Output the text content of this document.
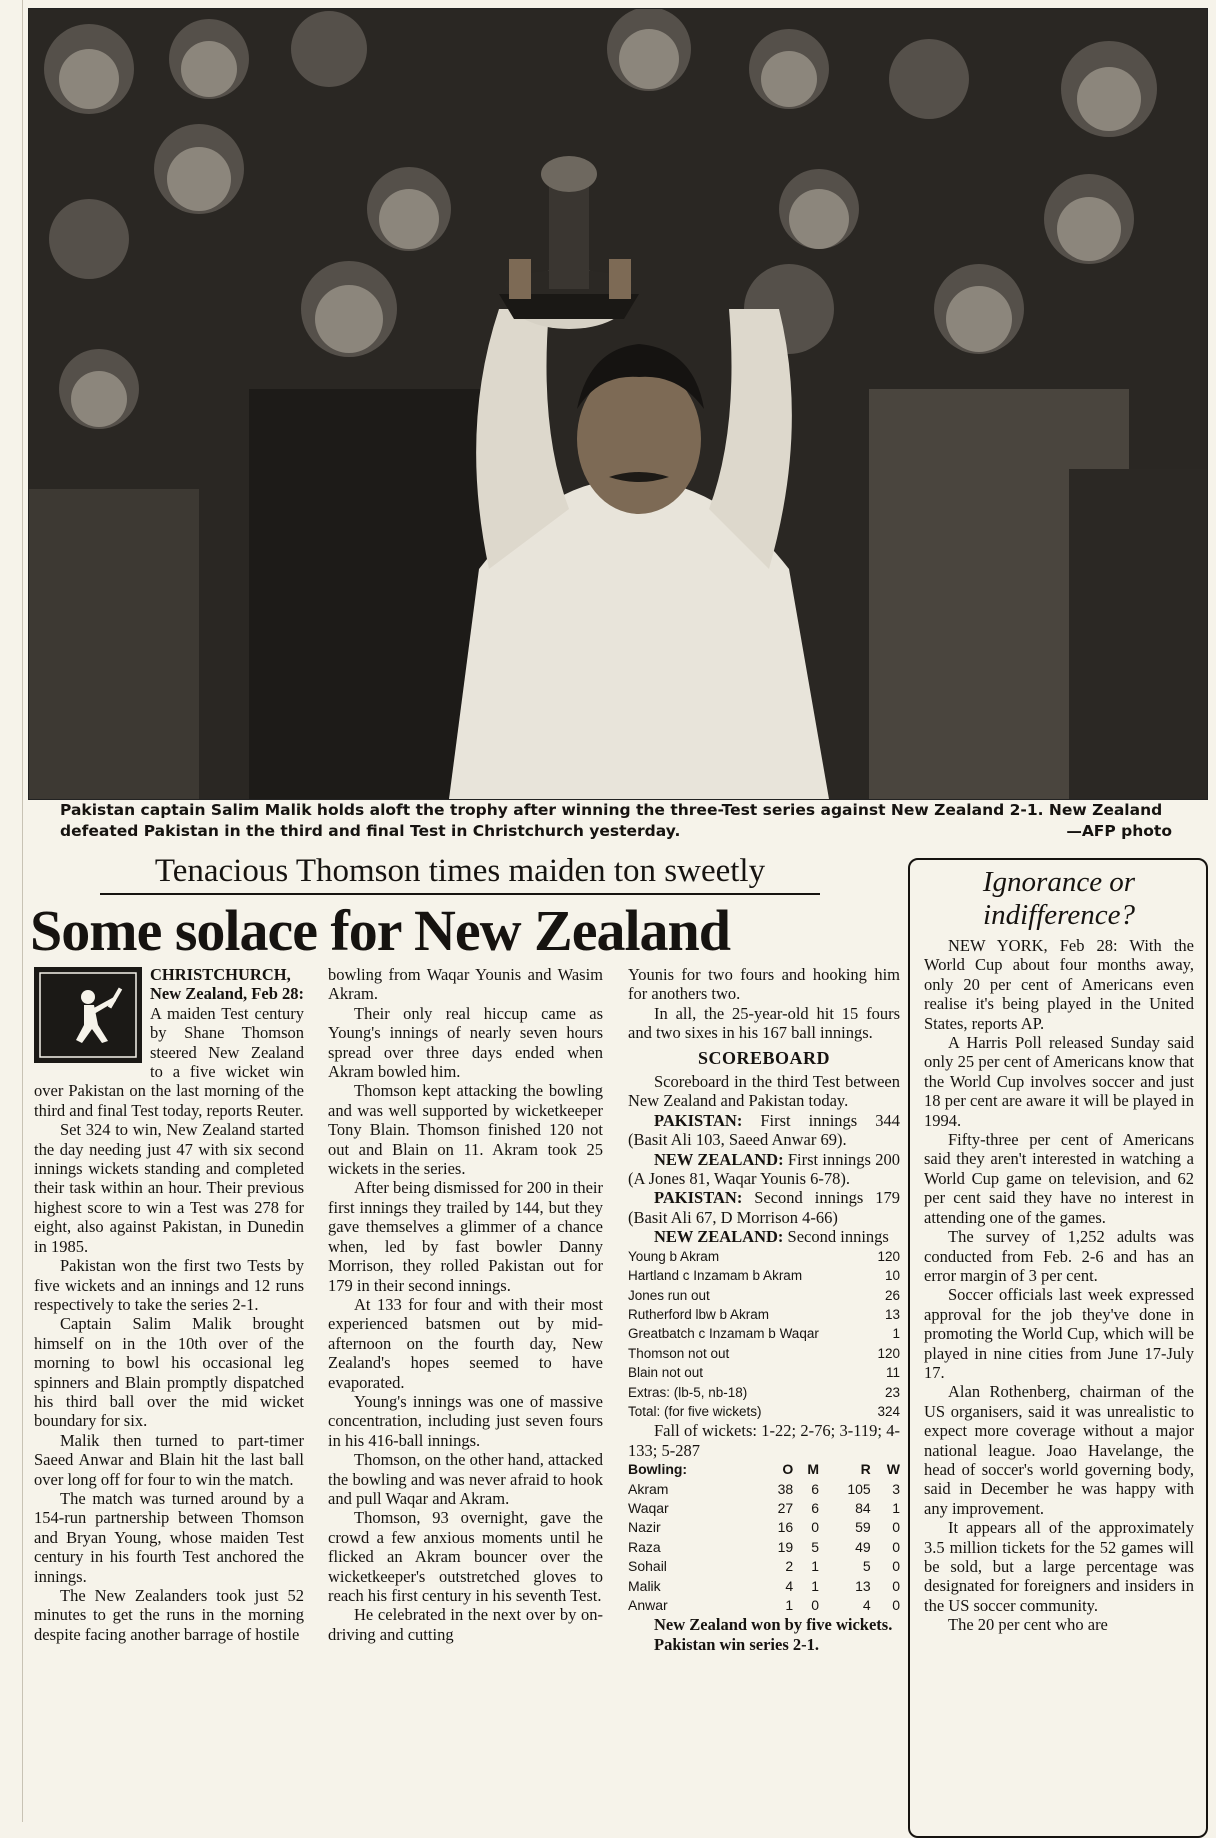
Pakistan captain Salim Malik holds aloft the trophy after winning the three-Test series against New Zealand 2-1. New Zealand defeated Pakistan in the third and final Test in Christchurch yesterday.	—AFP photo
Tenacious Thomson times maiden ton sweetly
Some solace for New Zealand

CHRISTCHURCH, New Zealand, Feb 28: A maiden Test century by Shane Thomson steered New Zealand to a five wicket win over Pakistan on the last morning of the third and final Test today, reports Reuter.

Set 324 to win, New Zealand started the day needing just 47 with six second innings wickets standing and completed their task within an hour. Their previous highest score to win a Test was 278 for eight, also against Pakistan, in Dunedin in 1985.

Pakistan won the first two Tests by five wickets and an innings and 12 runs respectively to take the series 2-1.

Captain Salim Malik brought himself on in the 10th over of the morning to bowl his occasional leg spinners and Blain promptly dispatched his third ball over the mid wicket boundary for six.

Malik then turned to part-timer Saeed Anwar and Blain hit the last ball over long off for four to win the match.

The match was turned around by a 154-run partnership between Thomson and Bryan Young, whose maiden Test century in his fourth Test anchored the innings.

The New Zealanders took just 52 minutes to get the runs in the morning despite facing another barrage of hostile

bowling from Waqar Younis and Wasim Akram.

Their only real hiccup came as Young's innings of nearly seven hours spread over three days ended when Akram bowled him.

Thomson kept attacking the bowling and was well supported by wicketkeeper Tony Blain. Thomson finished 120 not out and Blain on 11. Akram took 25 wickets in the series.

After being dismissed for 200 in their first innings they trailed by 144, but they gave themselves a glimmer of a chance when, led by fast bowler Danny Morrison, they rolled Pakistan out for 179 in their second innings.

At 133 for four and with their most experienced batsmen out by mid-afternoon on the fourth day, New Zealand's hopes seemed to have evaporated.

Young's innings was one of massive concentration, including just seven fours in his 416-ball innings.

Thomson, on the other hand, attacked the bowling and was never afraid to hook and pull Waqar and Akram.

Thomson, 93 overnight, gave the crowd a few anxious moments until he flicked an Akram bouncer over the wicketkeeper's outstretched gloves to reach his first century in his seventh Test.

He celebrated in the next over by on-driving and cutting

Younis for two fours and hooking him for anothers two.

In all, the 25-year-old hit 15 fours and two sixes in his 167 ball innings.

SCOREBOARD

Scoreboard in the third Test between New Zealand and Pakistan today.

PAKISTAN: First innings 344 (Basit Ali 103, Saeed Anwar 69).

NEW ZEALAND: First innings 200 (A Jones 81, Waqar Younis 6-78).

PAKISTAN: Second innings 179 (Basit Ali 67, D Morrison 4-66)

NEW ZEALAND: Second innings

Young b Akram	120
Hartland c Inzamam b Akram	10
Jones run out	26
Rutherford lbw b Akram	13
Greatbatch c Inzamam b Waqar	1
Thomson not out	120
Blain not out	11
Extras: (lb-5, nb-18)	23
Total: (for five wickets)	324

Fall of wickets: 1-22; 2-76; 3-119; 4-133; 5-287

Bowling:	O	M	R	W
Akram	38	6	105	3
Waqar	27	6	84	1
Nazir	16	0	59	0
Raza	19	5	49	0
Sohail	2	1	5	0
Malik	4	1	13	0
Anwar	1	0	4	0

New Zealand won by five wickets.

Pakistan win series 2-1.

Ignorance or
indifference?

NEW YORK, Feb 28: With the World Cup about four months away, only 20 per cent of Americans even realise it's being played in the United States, reports AP.

A Harris Poll released Sunday said only 25 per cent of Americans know that the World Cup involves soccer and just 18 per cent are aware it will be played in 1994.

Fifty-three per cent of Americans said they aren't interested in watching a World Cup game on television, and 62 per cent said they have no interest in attending one of the games.

The survey of 1,252 adults was conducted from Feb. 2-6 and has an error margin of 3 per cent.

Soccer officials last week expressed approval for the job they've done in promoting the World Cup, which will be played in nine cities from June 17-July 17.

Alan Rothenberg, chairman of the US organisers, said it was unrealistic to expect more coverage without a major national league. Joao Havelange, the head of soccer's world governing body, said in December he was happy with any improvement.

It appears all of the approximately 3.5 million tickets for the 52 games will be sold, but a large percentage was designated for foreigners and insiders in the US soccer community.

The 20 per cent who are
